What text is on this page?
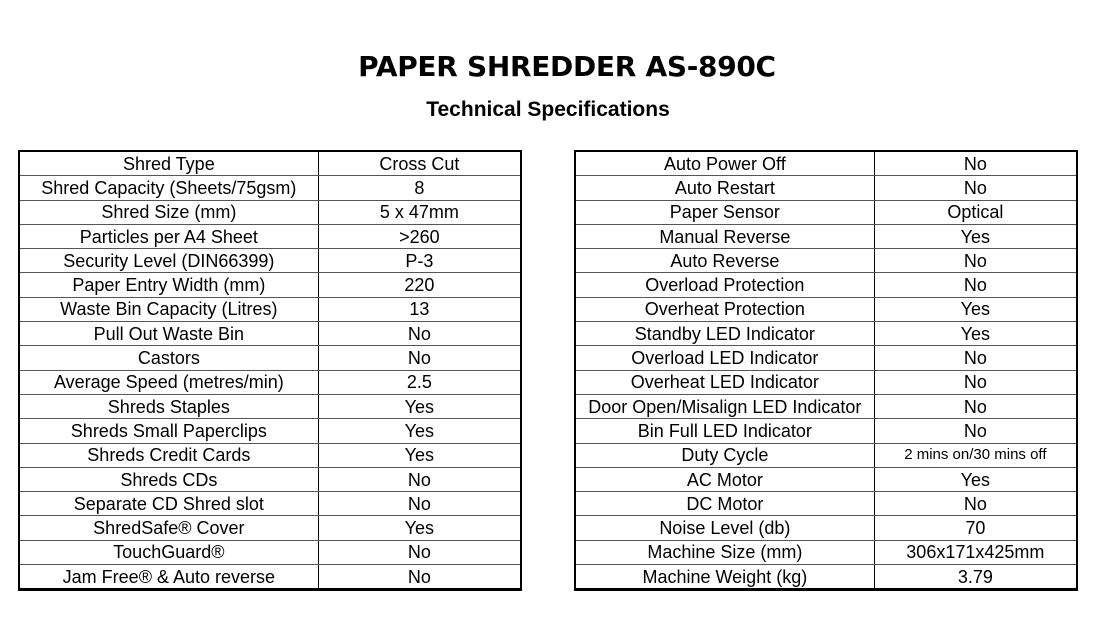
PAPER SHREDDER AS-890C
Technical Specifications
Shred Type	Cross Cut
Shred Capacity (Sheets/75gsm)	8
Shred Size (mm)	5 x 47mm
Particles per A4 Sheet	>260
Security Level (DIN66399)	P-3
Paper Entry Width (mm)	220
Waste Bin Capacity (Litres)	13
Pull Out Waste Bin	No
Castors	No
Average Speed (metres/min)	2.5
Shreds Staples	Yes
Shreds Small Paperclips	Yes
Shreds Credit Cards	Yes
Shreds CDs	No
Separate CD Shred slot	No
ShredSafe® Cover	Yes
TouchGuard®	No
Jam Free® & Auto reverse	No
Auto Power Off	No
Auto Restart	No
Paper Sensor	Optical
Manual Reverse	Yes
Auto Reverse	No
Overload Protection	No
Overheat Protection	Yes
Standby LED Indicator	Yes
Overload LED Indicator	No
Overheat LED Indicator	No
Door Open/Misalign LED Indicator	No
Bin Full LED Indicator	No
Duty Cycle	2 mins on/30 mins off
AC Motor	Yes
DC Motor	No
Noise Level (db)	70
Machine Size (mm)	306x171x425mm
Machine Weight (kg)	3.79
